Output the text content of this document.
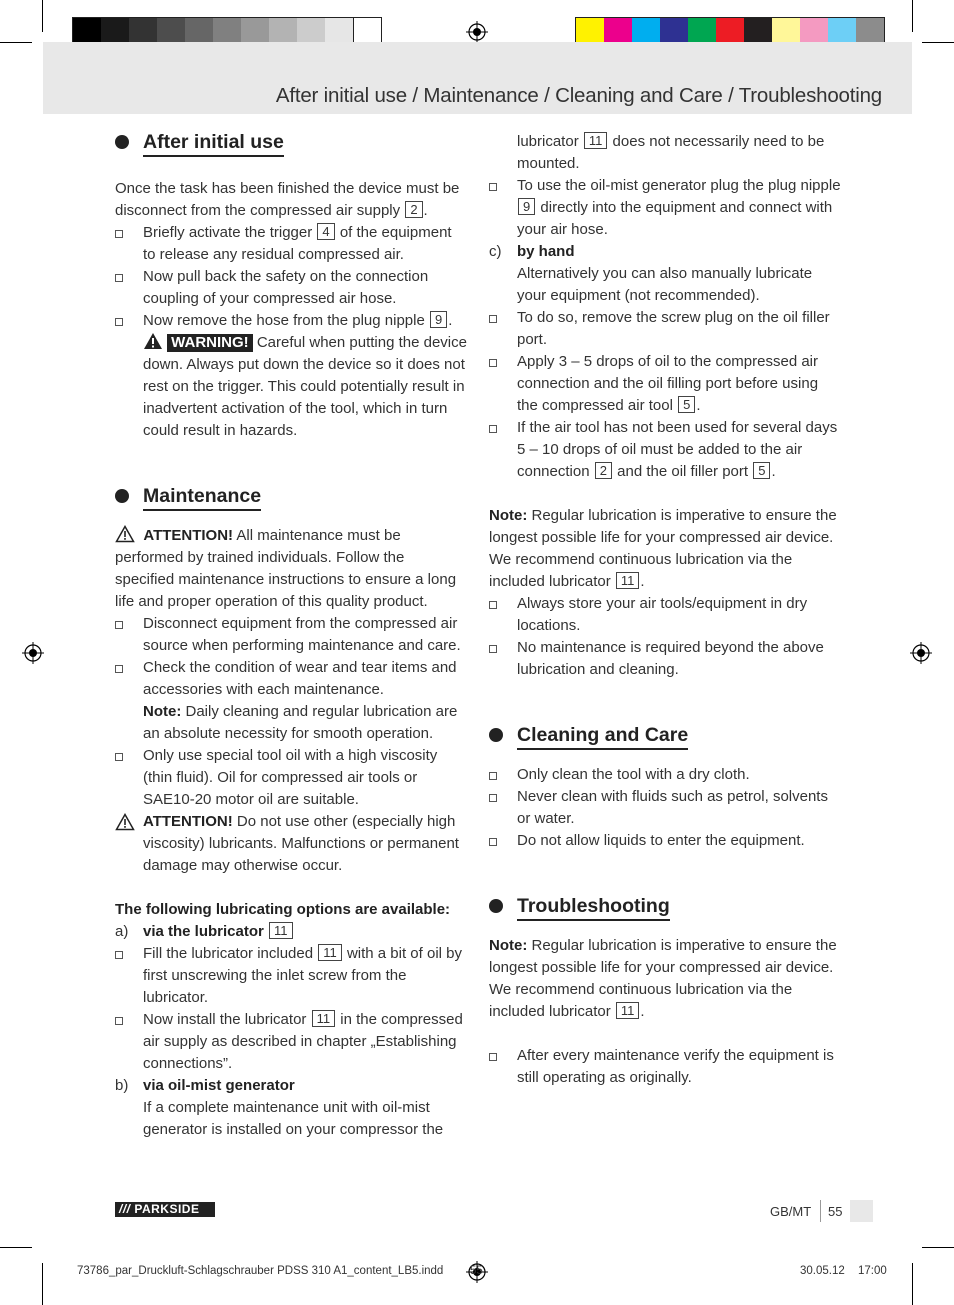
After initial use / Maintenance / Cleaning and Care / Troubleshooting
After initial use

Once the task has been finished the device must be disconnect from the compressed air supply 2 .

Briefly activate the trigger 4 of the equipment to release any residual compressed air.
Now pull back the safety on the connection coupling of your compressed air hose.
Now remove the hose from the plug nipple 9 .
WARNING! Careful when putting the device down. Always put down the device so it does not rest on the trigger. This could potentially result in inadvertent activation of the tool, which in turn could result in hazards.
Maintenance

ATTENTION! All maintenance must be performed by trained individuals. Follow the specified maintenance instructions to ensure a long life and proper operation of this quality product.

Disconnect equipment from the compressed air source when performing maintenance and care.
Check the condition of wear and tear items and accessories with each maintenance.
Note: Daily cleaning and regular lubrication are an absolute necessity for smooth operation.
Only use special tool oil with a high viscosity (thin fluid). Oil for compressed air tools or SAE10-20 motor oil are suitable.
ATTENTION! Do not use other (especially high viscosity) lubricants. Malfunctions or permanent damage may otherwise occur.

The following lubricating options are available:

a) via the lubricator 11
Fill the lubricator included 11 with a bit of oil by first unscrewing the inlet screw from the lubricator.
Now install the lubricator 11 in the compressed air supply as described in chapter „Establishing connections”.
b) via oil-mist generator
If a complete maintenance unit with oil-mist generator is installed on your compressor the
lubricator 11 does not necessarily need to be mounted.
To use the oil-mist generator plug the plug nipple 9 directly into the equipment and connect with your air hose.
c) by hand
Alternatively you can also manually lubricate your equipment (not recommended).
To do so, remove the screw plug on the oil filler port.
Apply 3 – 5 drops of oil to the compressed air connection and the oil filling port before using the compressed air tool 5 .
If the air tool has not been used for several days 5 – 10 drops of oil must be added to the air connection 2 and the oil filler port 5 .

Note: Regular lubrication is imperative to ensure the longest possible life for your compressed air device. We recommend continuous lubrication via the included lubricator 11 .

Always store your air tools/equipment in dry locations.
No maintenance is required beyond the above lubrication and cleaning.
Cleaning and Care
Only clean the tool with a dry cloth.
Never clean with fluids such as petrol, solvents or water.
Do not allow liquids to enter the equipment.
Troubleshooting

Note: Regular lubrication is imperative to ensure the longest possible life for your compressed air device. We recommend continuous lubrication via the included lubricator 11 .

After every maintenance verify the equipment is still operating as originally.
/// PARKSIDE	GB/MT 55
73786_par_Druckluft-Schlagschrauber PDSS 310 A1_content_LB5.indd 55	30.05.12 17:00
